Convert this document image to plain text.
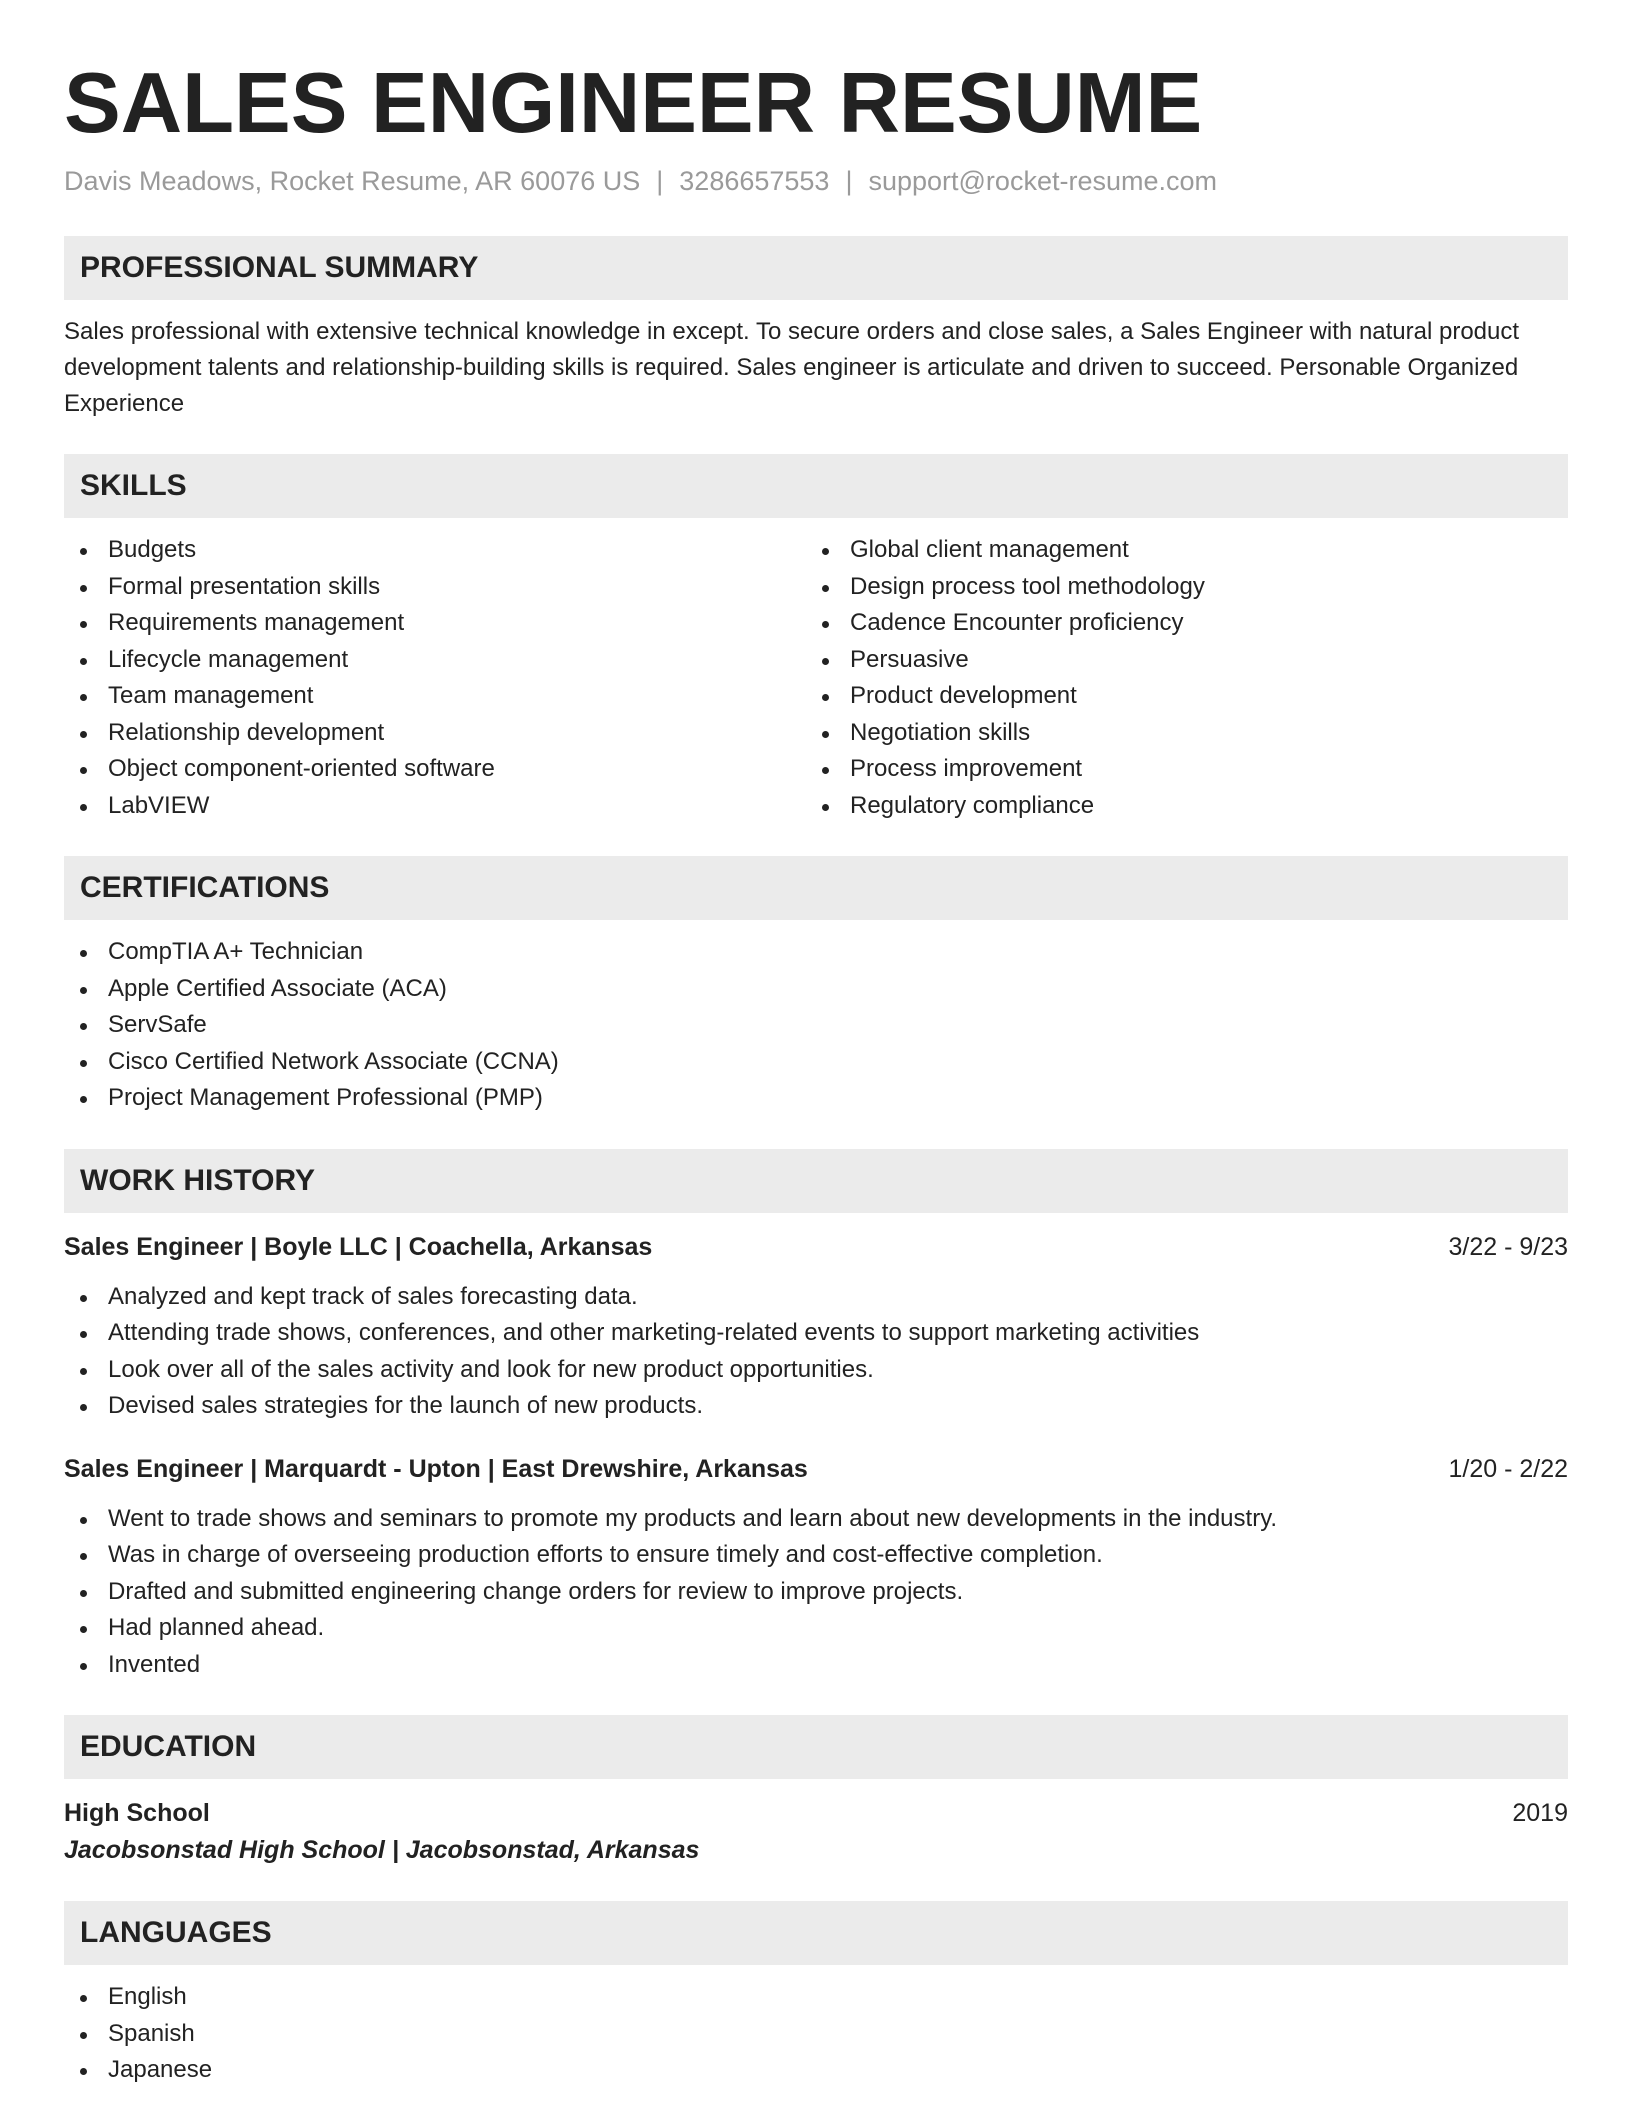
SALES ENGINEER RESUME
Davis Meadows, Rocket Resume, AR 60076 US | 3286657553 | support@rocket-resume.com
PROFESSIONAL SUMMARY
Sales professional with extensive technical knowledge in except. To secure orders and close sales, a Sales Engineer with natural product development talents and relationship-building skills is required. Sales engineer is articulate and driven to succeed. Personable Organized Experience
SKILLS
Budgets
Formal presentation skills
Requirements management
Lifecycle management
Team management
Relationship development
Object component-oriented software
LabVIEW
Global client management
Design process tool methodology
Cadence Encounter proficiency
Persuasive
Product development
Negotiation skills
Process improvement
Regulatory compliance
CERTIFICATIONS
CompTIA A+ Technician
Apple Certified Associate (ACA)
ServSafe
Cisco Certified Network Associate (CCNA)
Project Management Professional (PMP)
WORK HISTORY
Sales Engineer | Boyle LLC | Coachella, Arkansas	3/22 - 9/23
Analyzed and kept track of sales forecasting data.
Attending trade shows, conferences, and other marketing-related events to support marketing activities
Look over all of the sales activity and look for new product opportunities.
Devised sales strategies for the launch of new products.
Sales Engineer | Marquardt - Upton | East Drewshire, Arkansas	1/20 - 2/22
Went to trade shows and seminars to promote my products and learn about new developments in the industry.
Was in charge of overseeing production efforts to ensure timely and cost-effective completion.
Drafted and submitted engineering change orders for review to improve projects.
Had planned ahead.
Invented
EDUCATION
High School	2019
Jacobsonstad High School | Jacobsonstad, Arkansas
LANGUAGES
English
Spanish
Japanese
